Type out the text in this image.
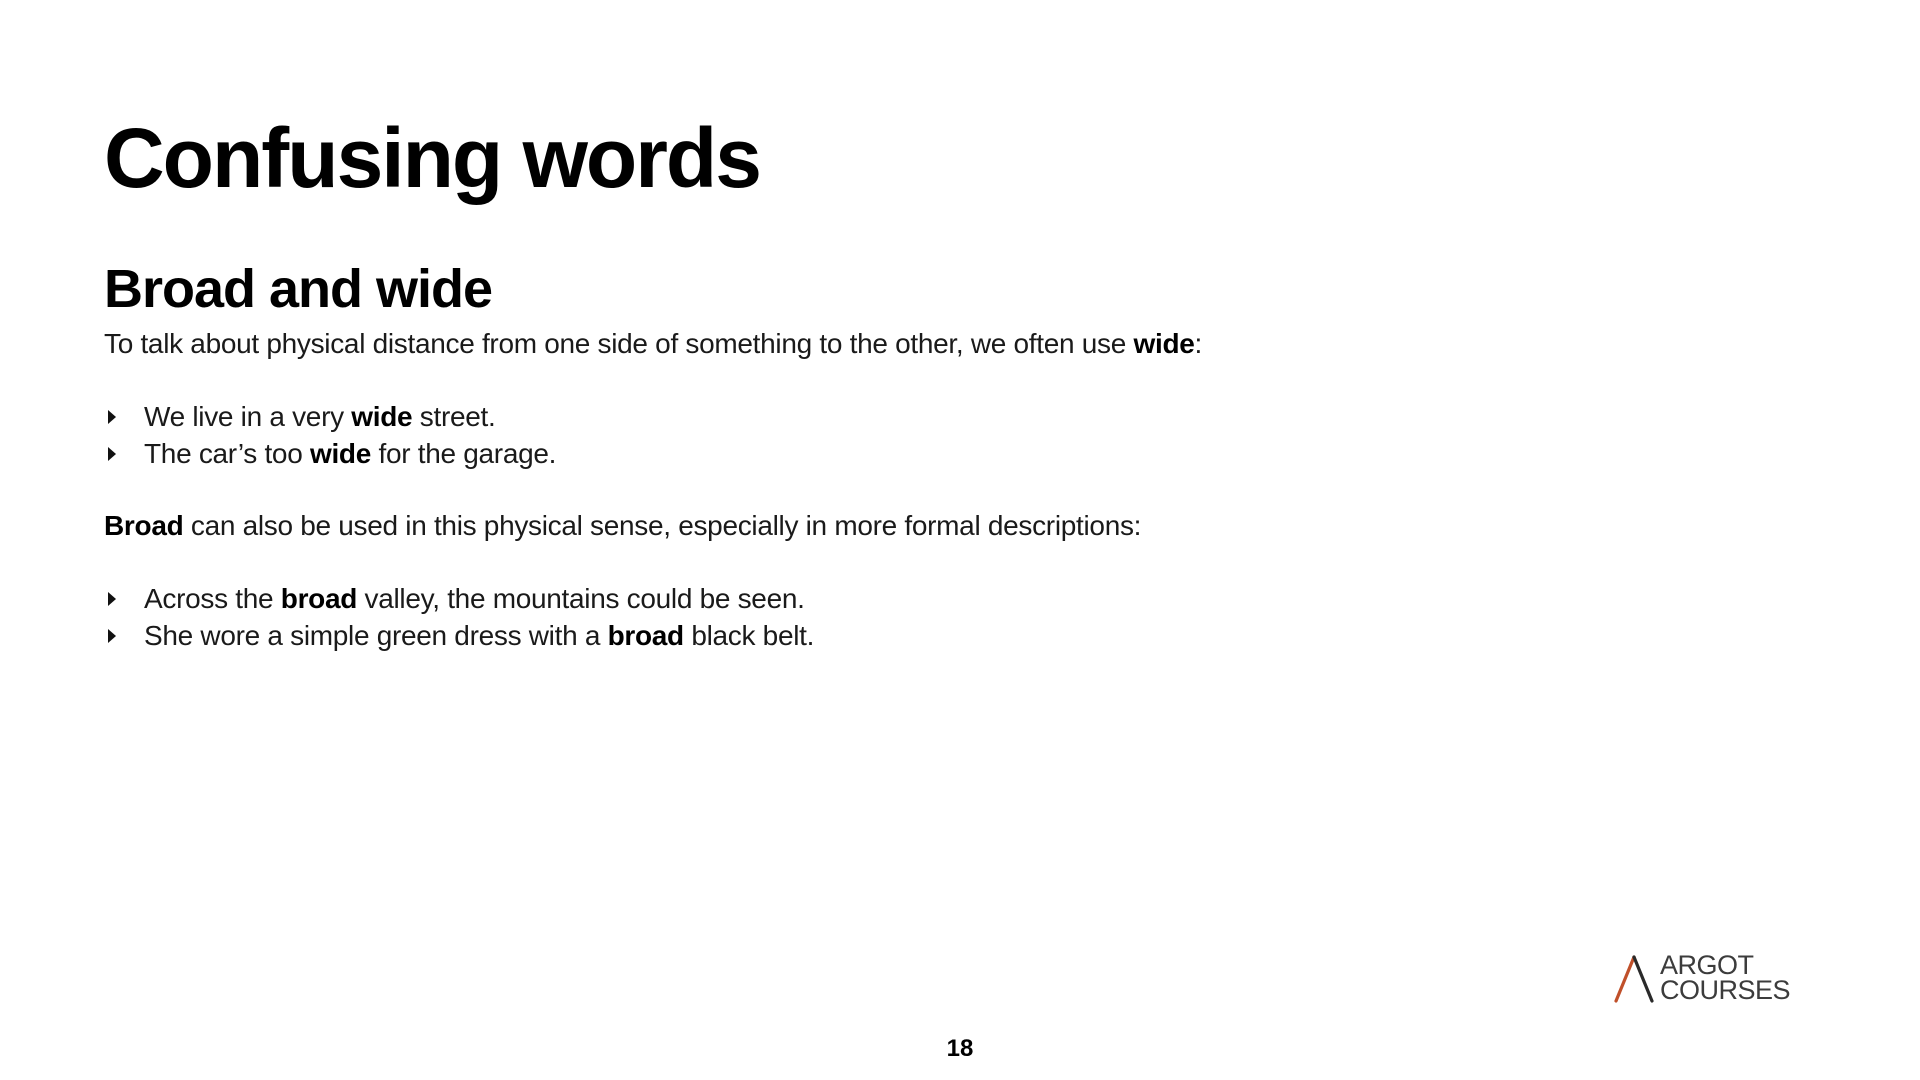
Confusing words
Broad and wide

To talk about physical distance from one side of something to the other, we often use wide:

We live in a very wide street.
The car’s too wide for the garage.

Broad can also be used in this physical sense, especially in more formal descriptions:

Across the broad valley, the mountains could be seen.
She wore a simple green dress with a broad black belt.
ARGOT
COURSES
18
